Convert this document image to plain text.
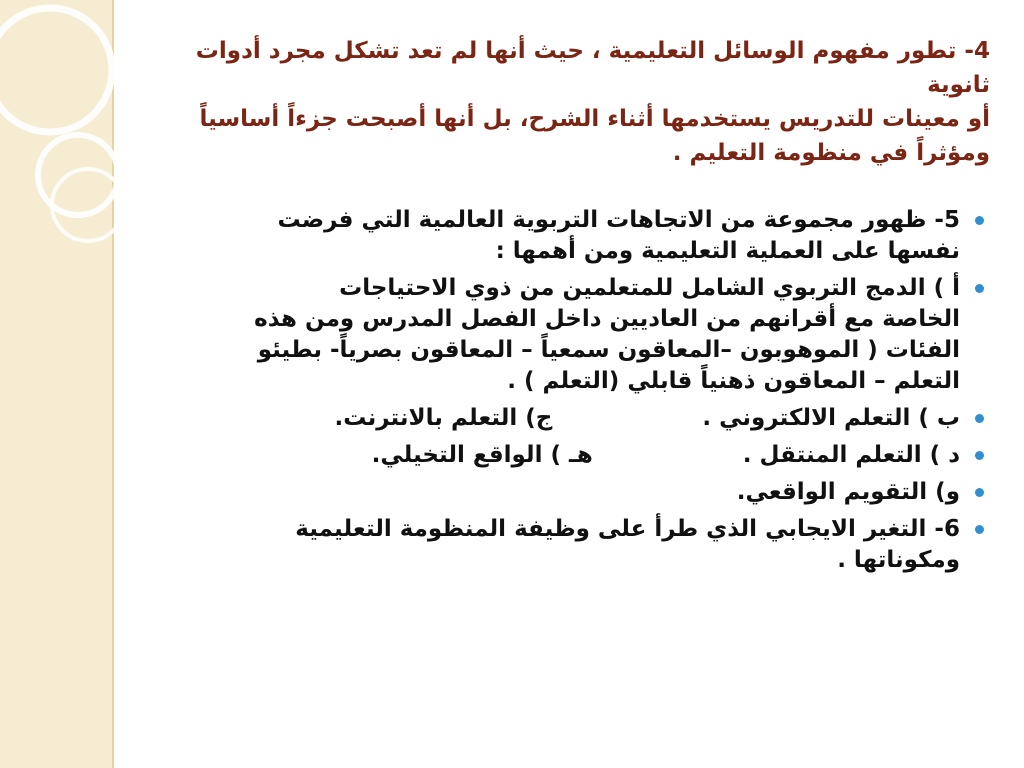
4- تطور مفهوم الوسائل التعليمية ، حيث أنها لم تعد تشكل مجرد أدوات ثانوية
أو معينات للتدريس يستخدمها أثناء الشرح، بل أنها أصبحت جزءاً أساسياً
ومؤثراً في منظومة التعليم .
5- ظهور مجموعة من الاتجاهات التربوية العالمية التي فرضت
نفسها على العملية التعليمية ومن أهمها :
أ ) الدمج التربوي الشامل للمتعلمين من ذوي الاحتياجات
الخاصة مع أقرانهم من العاديين داخل الفصل المدرس ومن هذه
الفئات ( الموهوبون –المعاقون سمعياً – المعاقون بصرياً- بطيئو
التعلم – المعاقون ذهنياً قابلي (التعلم ) .
ب ) التعلم الالكتروني .ج) التعلم بالانترنت.
د ) التعلم المنتقل .هـ ) الواقع التخيلي.
و) التقويم الواقعي.
6- التغير الايجابي الذي طرأ على وظيفة المنظومة التعليمية
ومكوناتها .
